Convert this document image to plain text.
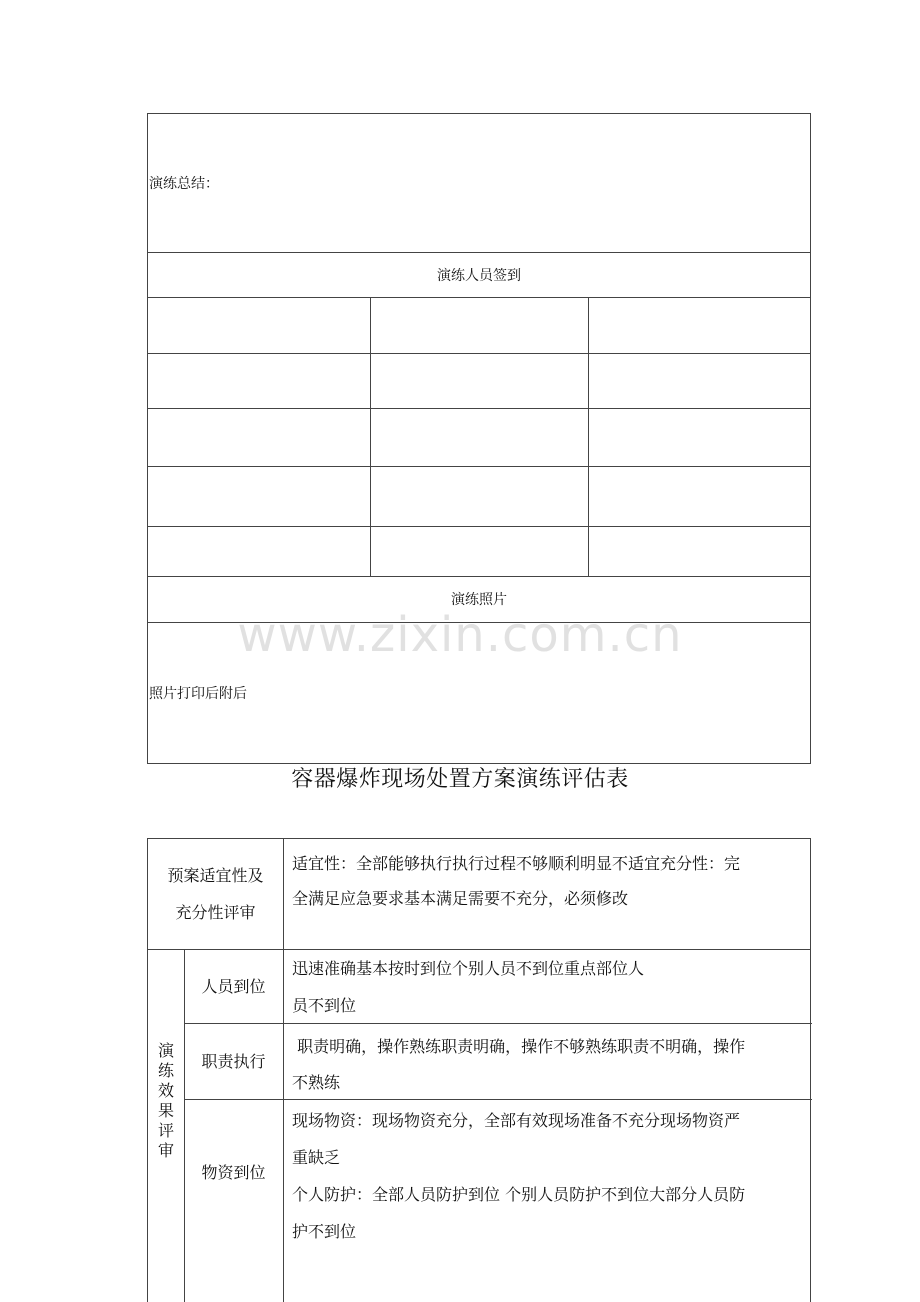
演练总结：
演练人员签到
演练照片
照片打印后附后
www.zixin.com.cn
容器爆炸现场处置方案演练评估表
预案适宜性及
充分性评审
适宜性：全部能够执行执行过程不够顺利明显不适宜充分性：完
全满足应急要求基本满足需要不充分，必须修改
演练效果评审
人员到位
迅速准确基本按时到位个别人员不到位重点部位人
员不到位
职责执行
职责明确，操作熟练职责明确，操作不够熟练职责不明确，操作
不熟练
物资到位
现场物资：现场物资充分，全部有效现场准备不充分现场物资严
重缺乏
个人防护：全部人员防护到位 个别人员防护不到位大部分人员防
护不到位
